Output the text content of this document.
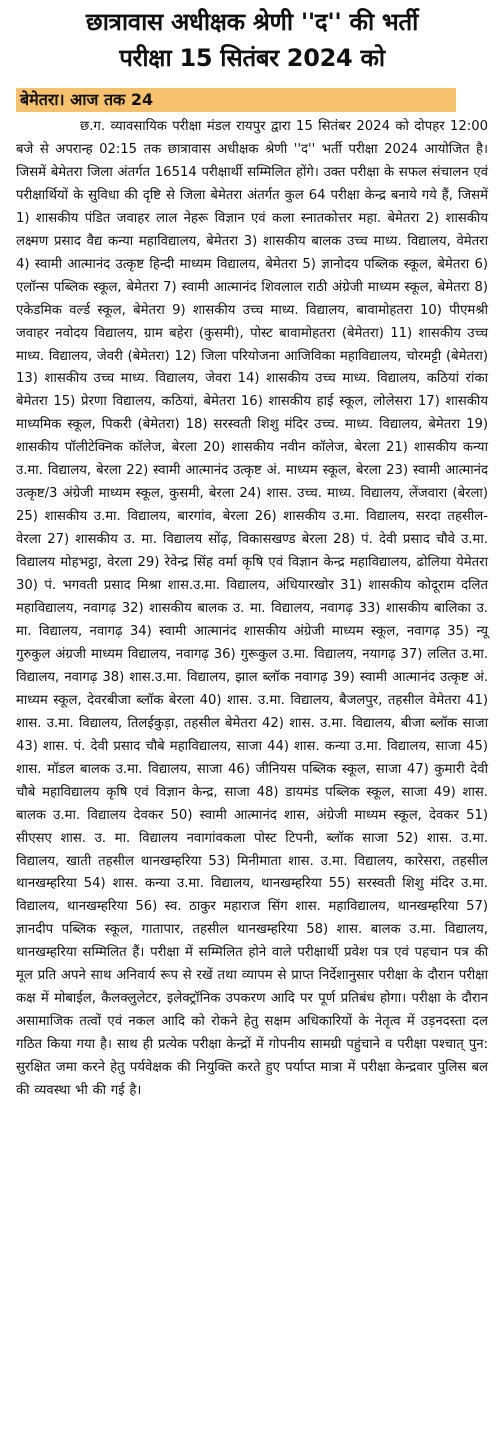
छात्रावास अधीक्षक श्रेणी ''द'' की भर्ती
परीक्षा 15 सितंबर 2024 को
बेमेतरा। आज तक 24

छ.ग. व्यावसायिक परीक्षा मंडल रायपुर द्वारा 15 सितंबर 2024 को दोपहर 12:00 बजे से अपरान्ह 02:15 तक छात्रावास अधीक्षक श्रेणी ''द'' भर्ती परीक्षा 2024 आयोजित है। जिसमें बेमेतरा जिला अंतर्गत 16514 परीक्षार्थी सम्मिलित होंगे। उक्त परीक्षा के सफल संचालन एवं परीक्षार्थियों के सुविधा की दृष्टि से जिला बेमेतरा अंतर्गत कुल 64 परीक्षा केन्द्र बनाये गये हैं, जिसमें 1) शासकीय पंडित जवाहर लाल नेहरू विज्ञान एवं कला स्नातकोत्तर महा. बेमेतरा 2) शासकीय लक्ष्मण प्रसाद वैद्य कन्या महाविद्यालय, बेमेतरा 3) शासकीय बालक उच्च माध्य. विद्यालय, वेमेतरा 4) स्वामी आत्मानंद उत्कृष्ट हिन्दी माध्यम विद्यालय, बेमेतरा 5) ज्ञानोदय पब्लिक स्कूल, बेमेतरा 6) एलॉन्स पब्लिक स्कूल, बेमेतरा 7) स्वामी आत्मानंद शिवलाल राठी अंग्रेजी माध्यम स्कूल, बेमेतरा 8) एकेडमिक वर्ल्ड स्कूल, बेमेतरा 9) शासकीय उच्च माध्य. विद्यालय, बावामोहतरा 10) पीएमश्री जवाहर नवोदय विद्यालय, ग्राम बहेरा (कुसमी), पोस्ट बावामोहतरा (बेमेतरा) 11) शासकीय उच्च माध्य. विद्यालय, जेवरी (बेमेतरा) 12) जिला परियोजना आजिविका महाविद्यालय, चोरमट्टी (बेमेतरा) 13) शासकीय उच्च माध्य. विद्यालय, जेवरा 14) शासकीय उच्च माध्य. विद्यालय, कठियां रांका बेमेतरा 15) प्रेरणा विद्यालय, कठियां, बेमेतरा 16) शासकीय हाई स्कूल, लोलेसरा 17) शासकीय माध्यमिक स्कूल, पिकरी (बेमेतरा) 18) सरस्वती शिशु मंदिर उच्च. माध्य. विद्यालय, बेमेतरा 19) शासकीय पॉलीटेक्निक कॉलेज, बेरला 20) शासकीय नवीन कॉलेज, बेरला 21) शासकीय कन्या उ.मा. विद्यालय, बेरला 22) स्वामी आत्मानंद उत्कृष्ट अं. माध्यम स्कूल, बेरला 23) स्वामी आत्मानंद उत्कृष्ट/3 अंग्रेजी माध्यम स्कूल, कुसमी, बेरला 24) शास. उच्च. माध्य. विद्यालय, लेंजवारा (बेरला) 25) शासकीय उ.मा. विद्यालय, बारगांव, बेरला 26) शासकीय उ.मा. विद्यालय, सरदा तहसील-वेरला 27) शासकीय उ. मा. विद्यालय सोंढ़, विकासखण्ड बेरला 28) पं. देवी प्रसाद चौवे उ.मा. विद्यालय मोहभट्ठा, वेरला 29) रेवेन्द्र सिंह वर्मा कृषि एवं विज्ञान केन्द्र महाविद्यालय, ढोलिया येमेतरा 30) पं. भगवती प्रसाद मिश्रा शास.उ.मा. विद्यालय, अंधियारखोर 31) शासकीय कोदूराम दलित महाविद्यालय, नवागढ़ 32) शासकीय बालक उ. मा. विद्यालय, नवागढ़ 33) शासकीय बालिका उ. मा. विद्यालय, नवागढ़ 34) स्वामी आत्मानंद शासकीय अंग्रेजी माध्यम स्कूल, नवागढ़ 35) न्यू गुरुकुल अंग्रजी माध्यम विद्यालय, नवागढ़ 36) गुरूकुल उ.मा. विद्यालय, नयागढ़ 37) ललित उ.मा. विद्यालय, नवागढ़ 38) शास.उ.मा. विद्यालय, झाल ब्लॉक नवागढ़ 39) स्वामी आत्मानंद उत्कृष्ट अं. माध्यम स्कूल, देवरबीजा ब्लॉक बेरला 40) शास. उ.मा. विद्यालय, बैजलपुर, तहसील वेमेतरा 41) शास. उ.मा. विद्यालय, तिलईकुड़ा, तहसील बेमेतरा 42) शास. उ.मा. विद्यालय, बीजा ब्लॉक साजा 43) शास. पं. देवी प्रसाद चौबे महाविद्यालय, साजा 44) शास. कन्या उ.मा. विद्यालय, साजा 45) शास. मॉडल बालक उ.मा. विद्यालय, साजा 46) जीनियस पब्लिक स्कूल, साजा 47) कुमारी देवी चौबे महाविद्यालय कृषि एवं विज्ञान केन्द्र, साजा 48) डायमंड पब्लिक स्कूल, साजा 49) शास. बालक उ.मा. विद्यालय देवकर 50) स्वामी आत्मानंद शास, अंग्रेजी माध्यम स्कूल, देवकर 51) सीएसए शास. उ. मा. विद्यालय नवागांवकला पोस्ट टिपनी, ब्लॉक साजा 52) शास. उ.मा. विद्यालय, खाती तहसील थानखम्हरिया 53) मिनीमाता शास. उ.मा. विद्यालय, कारेसरा, तहसील थानखम्हरिया 54) शास. कन्या उ.मा. विद्यालय, थानखम्हरिया 55) सरस्वती शिशु मंदिर उ.मा. विद्यालय, थानखम्हरिया 56) स्व. ठाकुर महाराज सिंग शास. महाविद्यालय, थानखम्हरिया 57) ज्ञानदीप पब्लिक स्कूल, गातापार, तहसील थानखम्हरिया 58) शास. बालक उ.मा. विद्यालय, थानखम्हरिया सम्मिलित हैं। परीक्षा में सम्मिलित होने वाले परीक्षार्थी प्रवेश पत्र एवं पहचान पत्र की मूल प्रति अपने साथ अनिवार्य रूप से रखें तथा व्यापम से प्राप्त निर्देशानुसार परीक्षा के दौरान परीक्षा कक्ष में मोबाईल, कैलक्लुलेटर, इलेक्ट्रॉनिक उपकरण आदि पर पूर्ण प्रतिबंध होगा। परीक्षा के दौरान असामाजिक तत्वों एवं नकल आदि को रोकने हेतु सक्षम अधिकारियों के नेतृत्व में उड़नदस्ता दल गठित किया गया है। साथ ही प्रत्येक परीक्षा केन्द्रों में गोपनीय सामग्री पहुंचाने व परीक्षा पश्चात् पुन: सुरक्षित जमा करने हेतु पर्यवेक्षक की नियुक्ति करते हुए पर्याप्त मात्रा में परीक्षा केन्द्रवार पुलिस बल की व्यवस्था भी की गई है।
